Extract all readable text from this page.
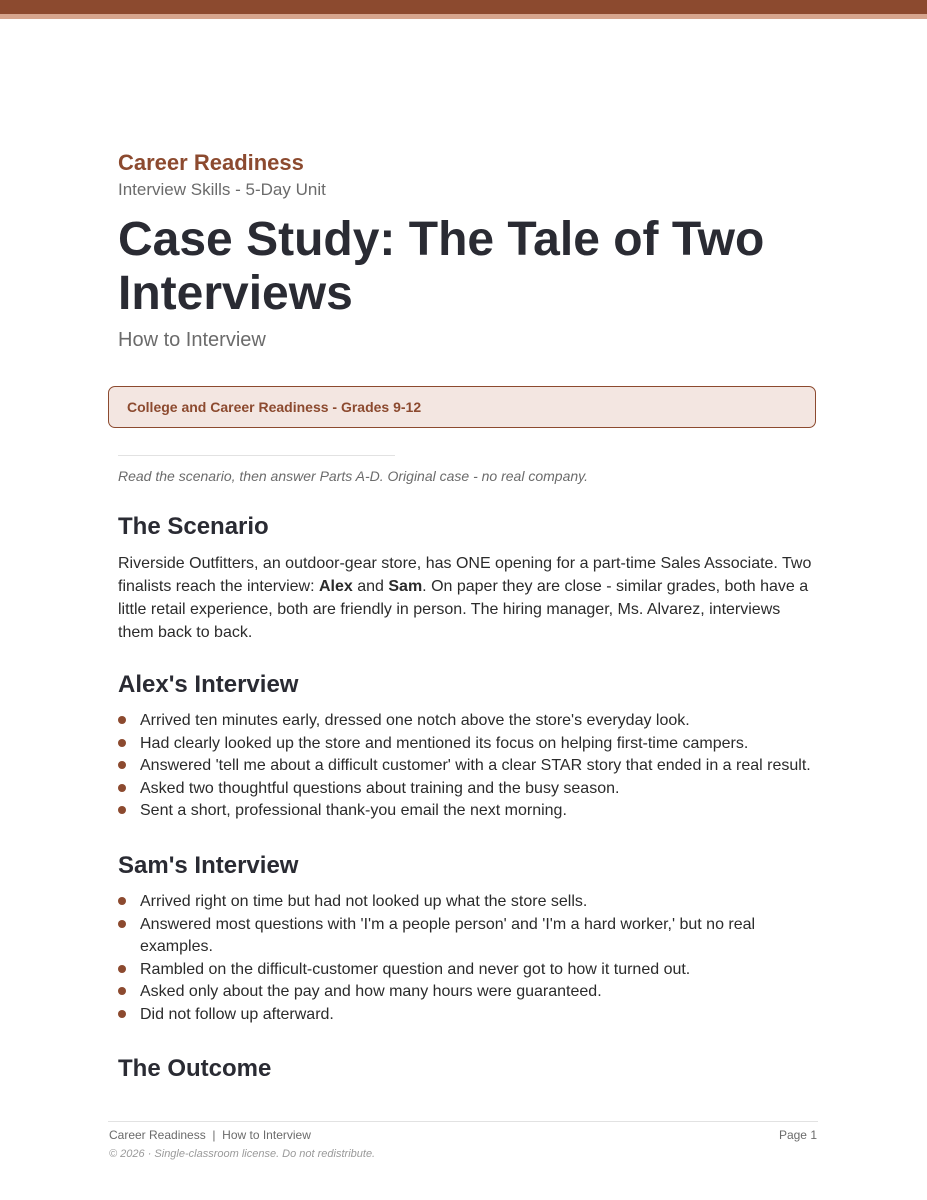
Career Readiness

Interview Skills - 5-Day Unit

Case Study: The Tale of Two Interviews

How to Interview

College and Career Readiness - Grades 9-12
Read the scenario, then answer Parts A-D. Original case - no real company.
The Scenario

Riverside Outfitters, an outdoor-gear store, has ONE opening for a part-time Sales Associate. Two finalists reach the interview: Alex and Sam. On paper they are close - similar grades, both have a little retail experience, both are friendly in person. The hiring manager, Ms. Alvarez, interviews them back to back.

Alex's Interview
Arrived ten minutes early, dressed one notch above the store's everyday look.
Had clearly looked up the store and mentioned its focus on helping first-time campers.
Answered 'tell me about a difficult customer' with a clear STAR story that ended in a real result.
Asked two thoughtful questions about training and the busy season.
Sent a short, professional thank-you email the next morning.
Sam's Interview
Arrived right on time but had not looked up what the store sells.
Answered most questions with 'I'm a people person' and 'I'm a hard worker,' but no real examples.
Rambled on the difficult-customer question and never got to how it turned out.
Asked only about the pay and how many hours were guaranteed.
Did not follow up afterward.
The Outcome
Career Readiness  |  How to Interview	Page 1
© 2026 · Single-classroom license. Do not redistribute.
